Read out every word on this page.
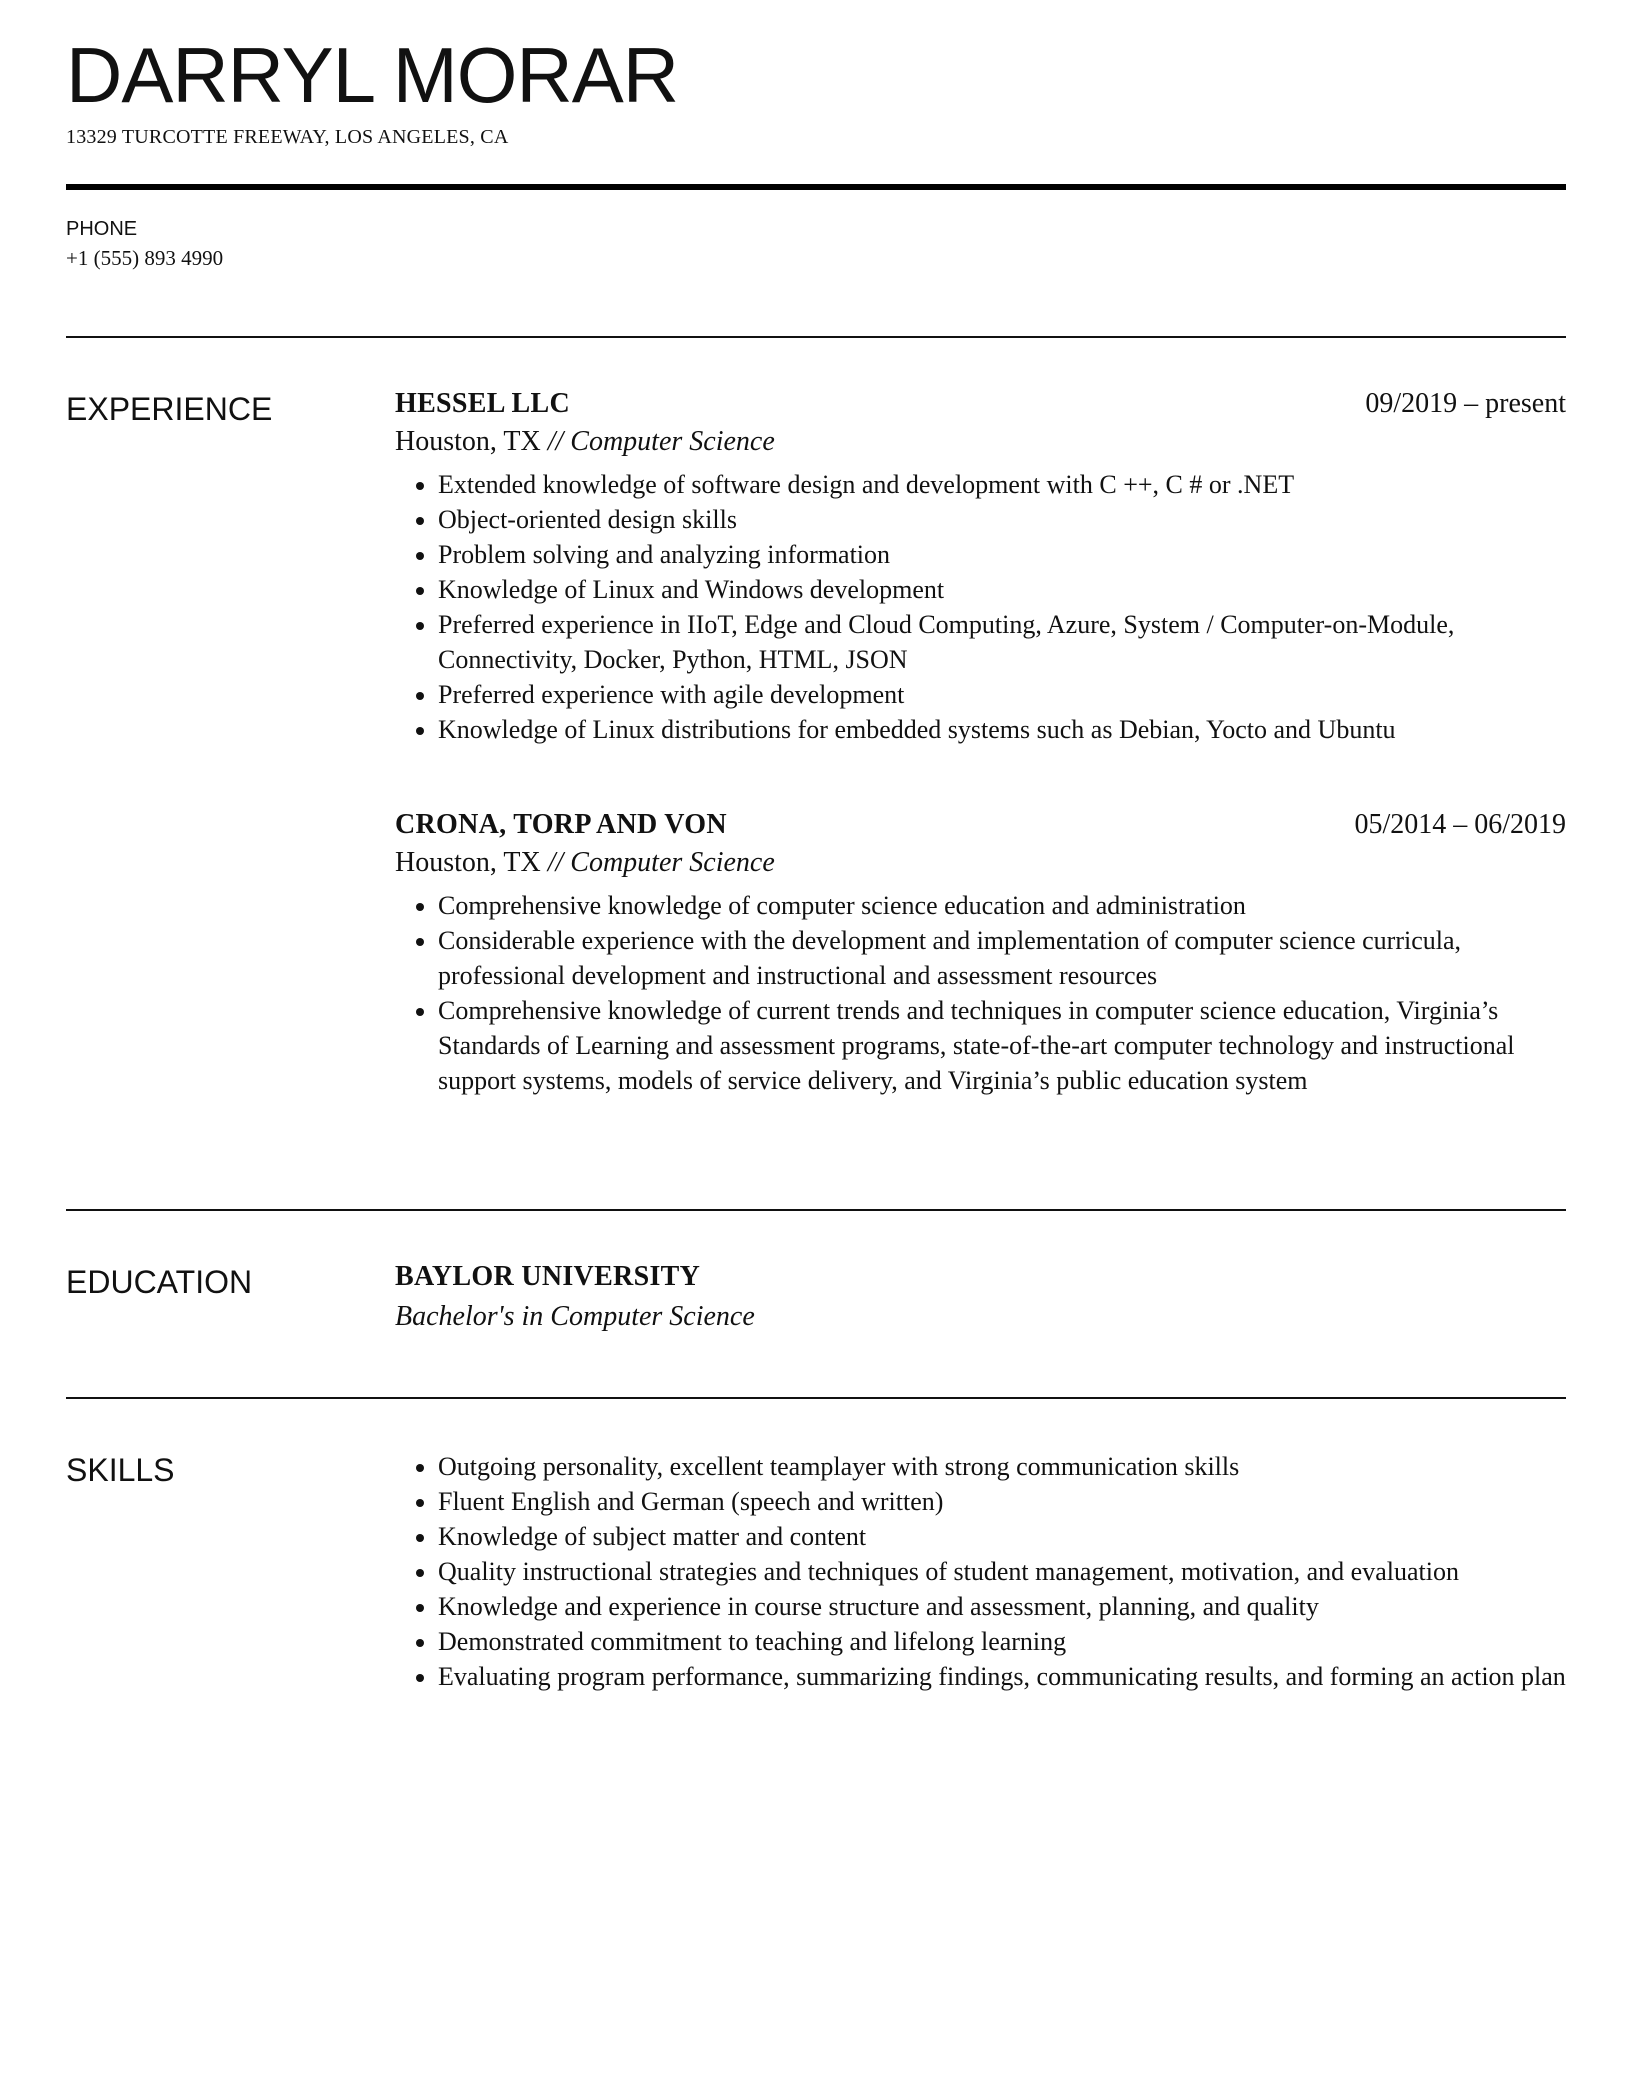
DARRYL MORAR
13329 TURCOTTE FREEWAY, LOS ANGELES, CA
PHONE
+1 (555) 893 4990
EXPERIENCE	HESSEL LLC	09/2019 – present
Houston, TX // Computer Science
• Extended knowledge of software design and development with C ++, C # or .NET
• Object-oriented design skills
• Problem solving and analyzing information
• Knowledge of Linux and Windows development
• Preferred experience in IIoT, Edge and Cloud Computing, Azure, System / Computer-on-Module, Connectivity, Docker, Python, HTML, JSON
• Preferred experience with agile development
• Knowledge of Linux distributions for embedded systems such as Debian, Yocto and Ubuntu
CRONA, TORP AND VON	05/2014 – 06/2019
Houston, TX // Computer Science
• Comprehensive knowledge of computer science education and administration
• Considerable experience with the development and implementation of computer science curricula, professional development and instructional and assessment resources
• Comprehensive knowledge of current trends and techniques in computer science education, Virginia’s Standards of Learning and assessment programs, state-of-the-art computer technology and instructional support systems, models of service delivery, and Virginia’s public education system
EDUCATION	BAYLOR UNIVERSITY
Bachelor's in Computer Science
SKILLS
•	Outgoing personality, excellent teamplayer with strong communication skills
• Fluent English and German (speech and written)
• Knowledge of subject matter and content
• Quality instructional strategies and techniques of student management, motivation, and evaluation
• Knowledge and experience in course structure and assessment, planning, and quality
• Demonstrated commitment to teaching and lifelong learning
• Evaluating program performance, summarizing findings, communicating results, and forming an action plan
